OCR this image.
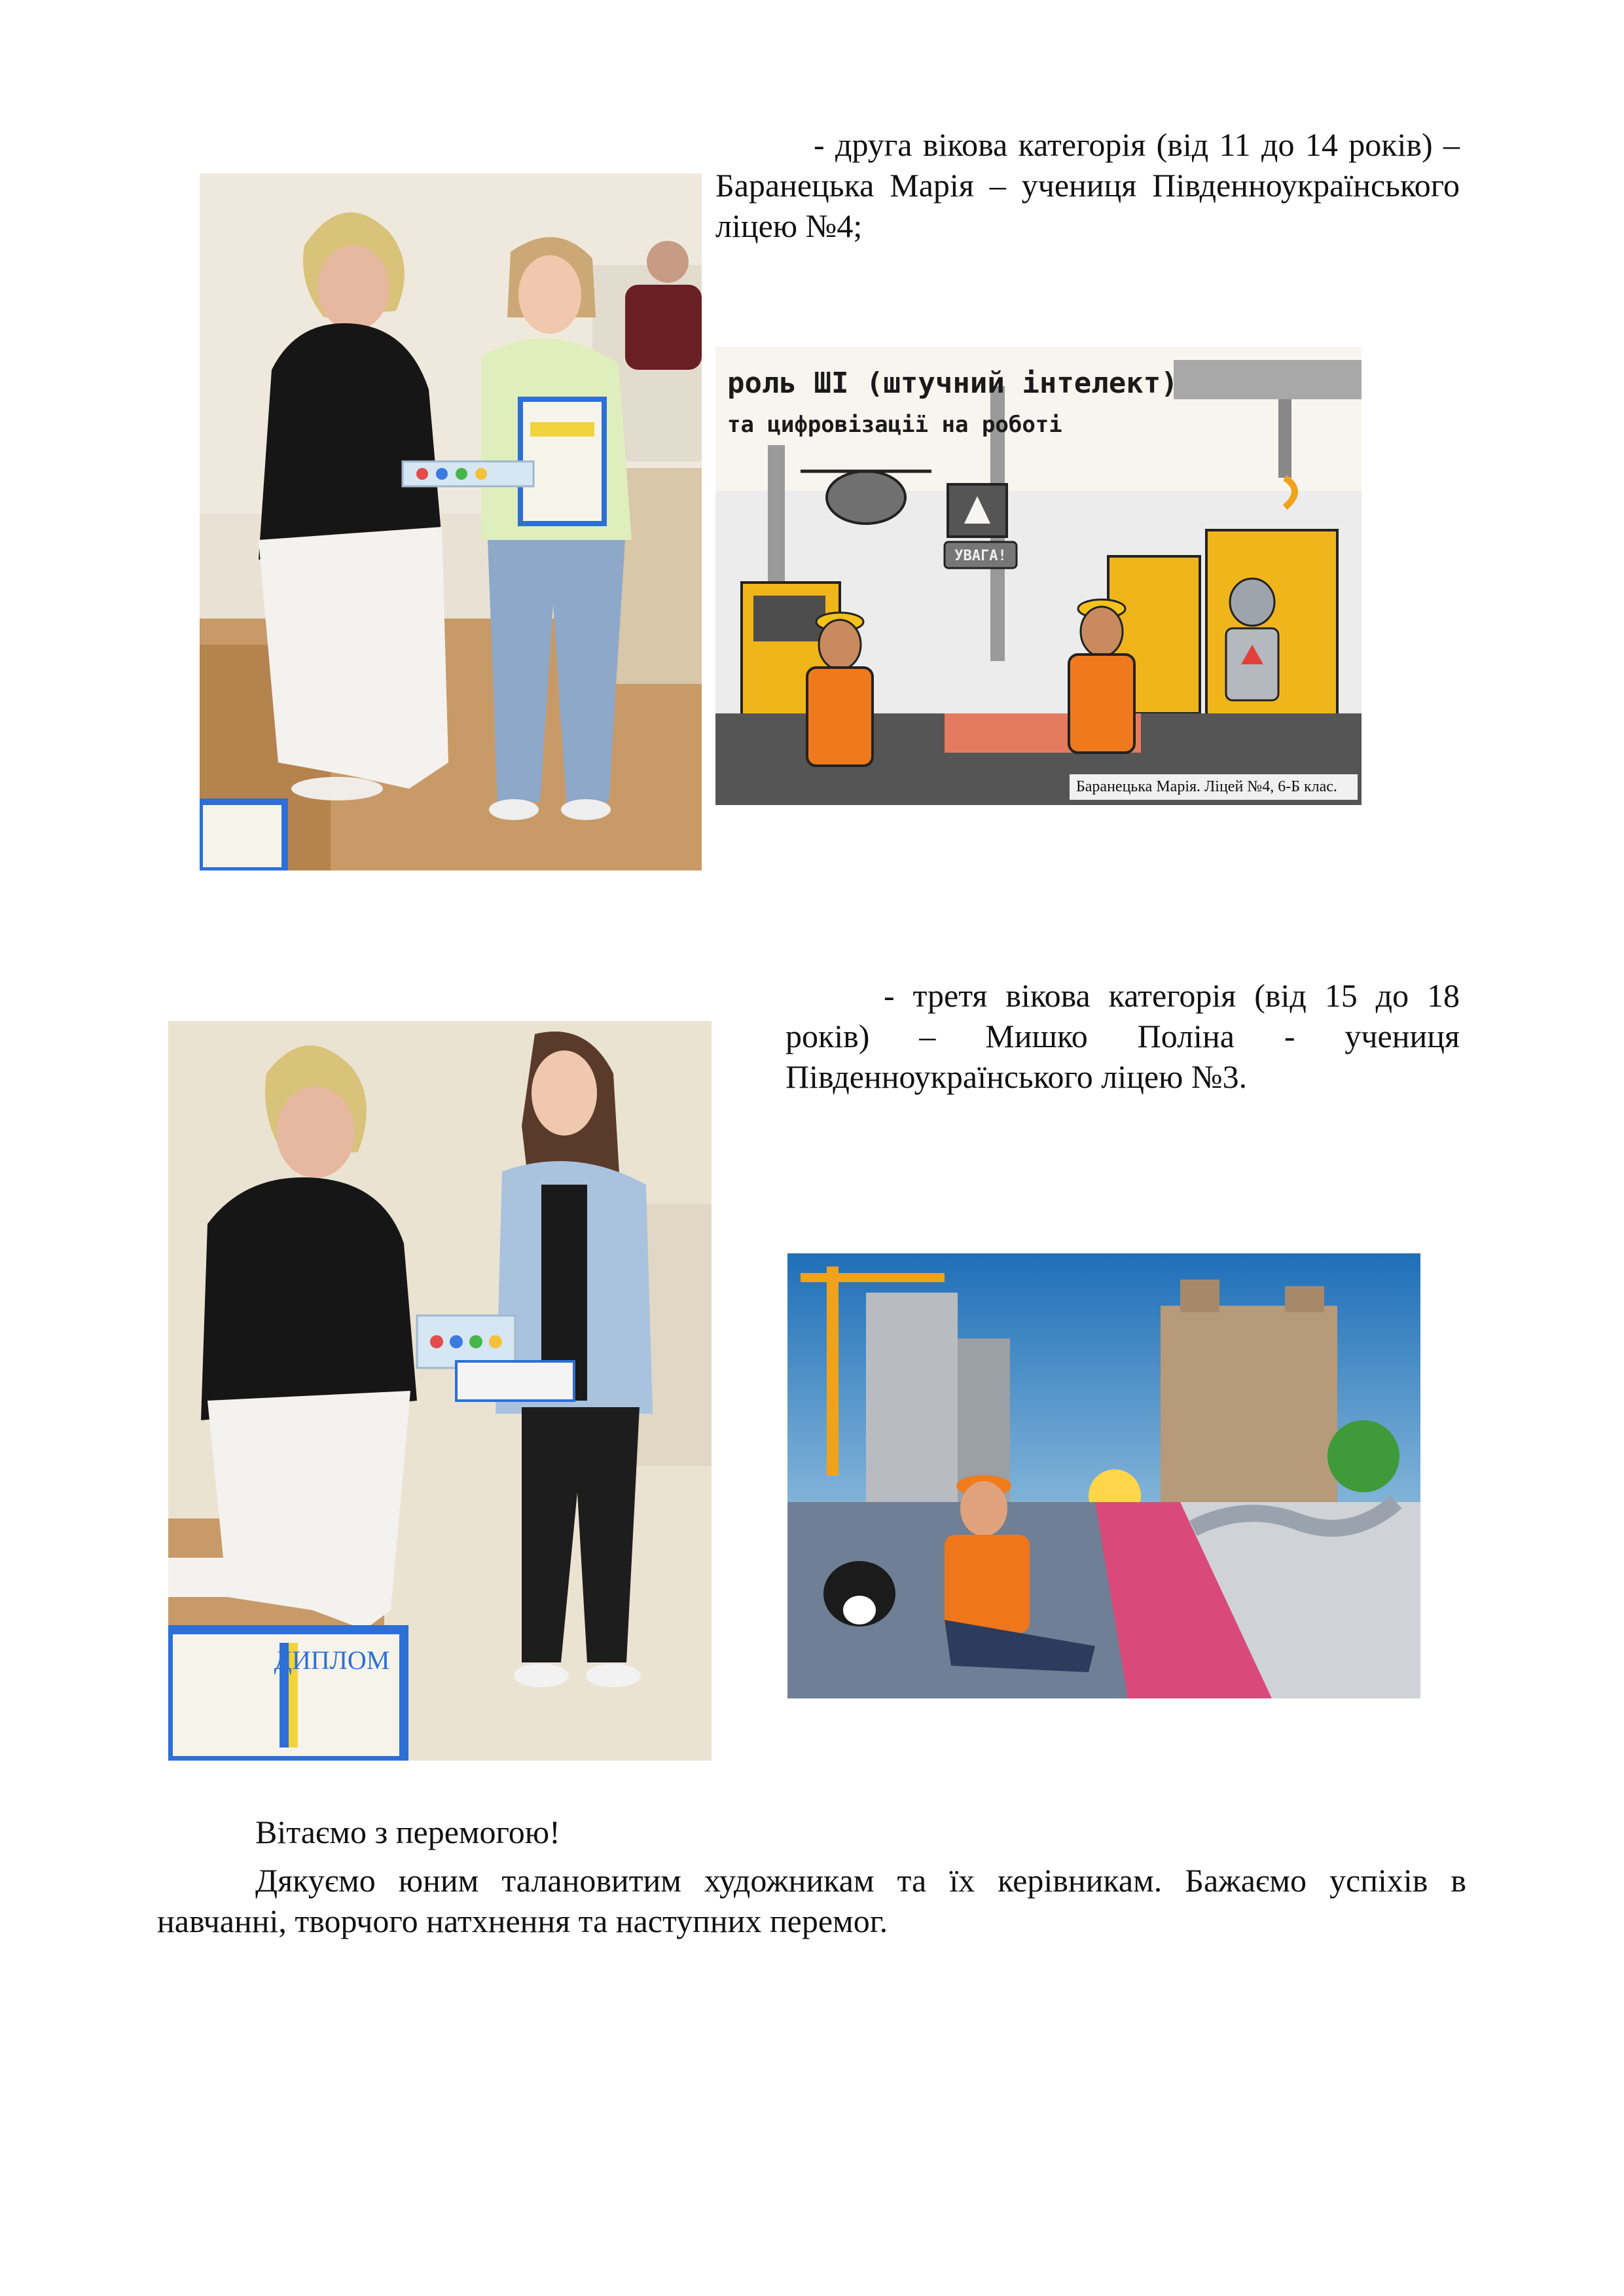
- друга вікова категорія (від 11 до 14 років) – Баранецька Марія – учениця Південноукраїнського ліцею №4;

УВАГА!
роль ШІ (штучний інтелект)
та цифровізації на роботі
Баранецька Марія. Ліцей №4, 6-Б клас.

- третя вікова категорія (від 15 до 18 років) – Мишко Поліна - учениця Південноукраїнського ліцею №3.

ДИПЛОМ

Вітаємо з перемогою!

Дякуємо юним талановитим художникам та їх керівникам. Бажаємо успіхів в навчанні, творчого натхнення та наступних перемог.
